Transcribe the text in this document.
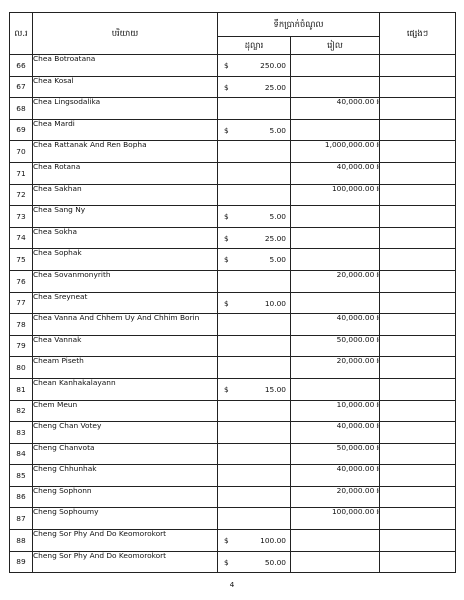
ល.រ	បរិយាយ	ទឹកប្រាក់ចំណូល		ផ្សេងៗ
		ដុល្លារ	រៀល	
66	Chea Botroatana	$ 250.00		

67	Chea Kosal	$ 25.00		

68	Chea Lingsodalika		40,000.00 ៛	
69	Chea Mardi	$ 5.00		

70	Chea Rattanak And Ren Bopha		1,000,000.00 ៛	
71	Chea Rotana		40,000.00 ៛	
72	Chea Sakhan		100,000.00 ៛	
73	Chea Sang Ny	$ 5.00		

74	Chea Sokha	$ 25.00		

75	Chea Sophak	$ 5.00		

76	Chea Sovanmonyrith		20,000.00 ៛	
77	Chea Sreyneat	$ 10.00		

78	Chea Vanna And Chhem Uy And Chhim Borin		40,000.00 ៛	
79	Chea Vannak		50,000.00 ៛	
80	Cheam Piseth		20,000.00 ៛	
81	Chean Kanhakalayann	$ 15.00		

82	Chem Meun		10,000.00 ៛	
83	Cheng Chan Votey		40,000.00 ៛	
84	Cheng Chanvota		50,000.00 ៛	
85	Cheng Chhunhak		40,000.00 ៛	
86	Cheng Sophonn		20,000.00 ៛	
87	Cheng Sophoumy		100,000.00 ៛	
88	Cheng Sor Phy And Do Keomorokort	$ 100.00		

89	Cheng Sor Phy And Do Keomorokort	$ 50.00		

4
